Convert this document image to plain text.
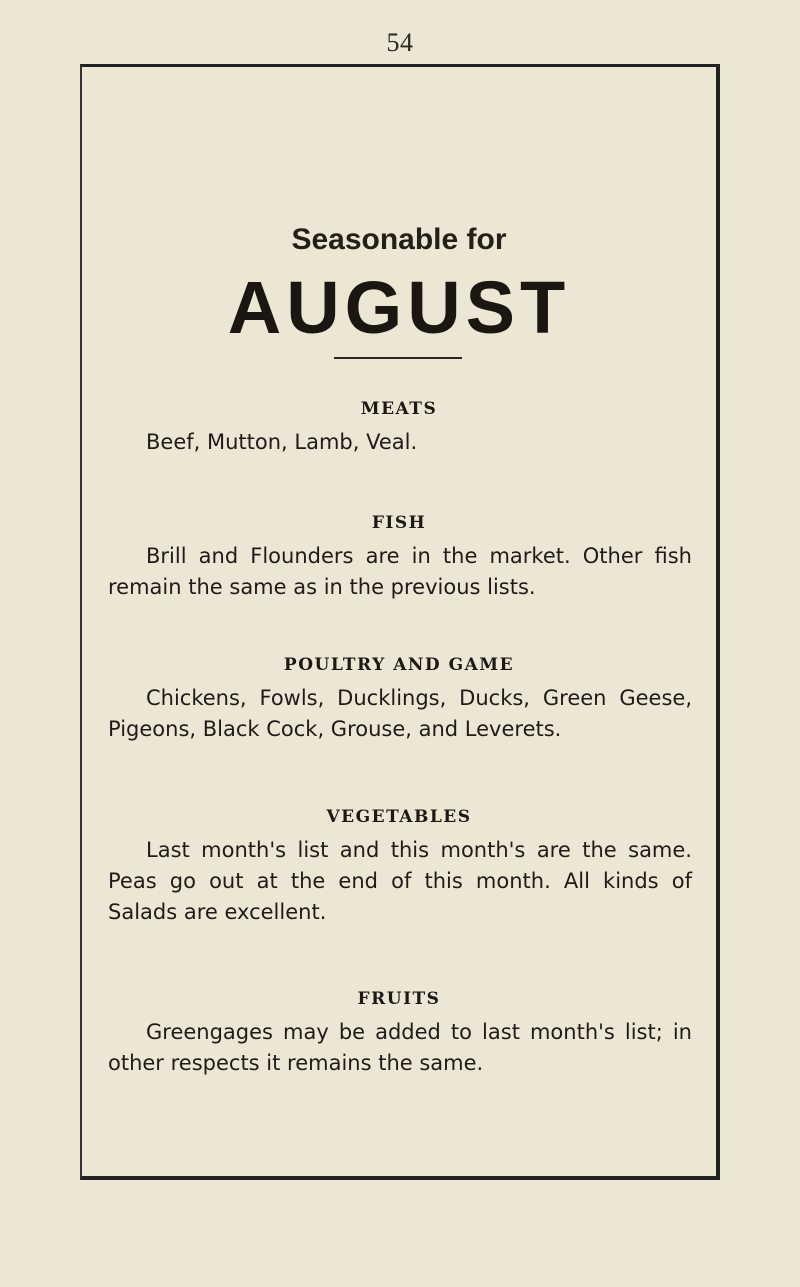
54
Seasonable for
AUGUST
MEATS

Beef, Mutton, Lamb, Veal.

FISH

Brill and Flounders are in the market. Other fish remain the same as in the previous lists.

POULTRY AND GAME

Chickens, Fowls, Ducklings, Ducks, Green Geese, Pigeons, Black Cock, Grouse, and Leverets.

VEGETABLES

Last month's list and this month's are the same. Peas go out at the end of this month. All kinds of Salads are excellent.

FRUITS

Greengages may be added to last month's list; in other respects it remains the same.
